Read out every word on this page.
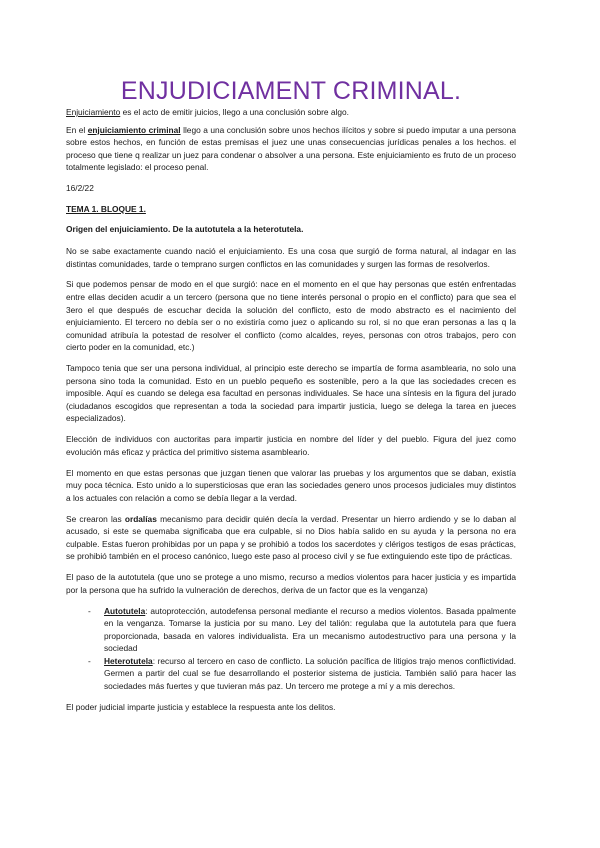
ENJUDICIAMENT CRIMINAL.

Enjuiciamiento es el acto de emitir juicios, llego a una conclusión sobre algo.

En el enjuiciamiento criminal llego a una conclusión sobre unos hechos ilícitos y sobre si puedo imputar a una persona sobre estos hechos, en función de estas premisas el juez une unas consecuencias jurídicas penales a los hechos. el proceso que tiene q realizar un juez para condenar o absolver a una persona. Este enjuiciamiento es fruto de un proceso totalmente legislado: el proceso penal.

16/2/22
TEMA 1. BLOQUE 1.
Origen del enjuiciamiento. De la autotutela a la heterotutela.

No se sabe exactamente cuando nació el enjuiciamiento. Es una cosa que surgió de forma natural, al indagar en las distintas comunidades, tarde o temprano surgen conflictos en las comunidades y surgen las formas de resolverlos.

Si que podemos pensar de modo en el que surgió: nace en el momento en el que hay personas que estén enfrentadas entre ellas deciden acudir a un tercero (persona que no tiene interés personal o propio en el conflicto) para que sea el 3ero el que después de escuchar decida la solución del conflicto, esto de modo abstracto es el nacimiento del enjuiciamiento. El tercero no debía ser o no existiría como juez o aplicando su rol, si no que eran personas a las q la comunidad atribuía la potestad de resolver el conflicto (como alcaldes, reyes, personas con otros trabajos, pero con cierto poder en la comunidad, etc.)

Tampoco tenia que ser una persona individual, al principio este derecho se impartía de forma asamblearia, no solo una persona sino toda la comunidad. Esto en un pueblo pequeño es sostenible, pero a la que las sociedades crecen es imposible. Aquí es cuando se delega esa facultad en personas individuales. Se hace una síntesis en la figura del jurado (ciudadanos escogidos que representan a toda la sociedad para impartir justicia, luego se delega la tarea en jueces especializados).

Elección de individuos con auctoritas para impartir justicia en nombre del líder y del pueblo. Figura del juez como evolución más eficaz y práctica del primitivo sistema asambleario.

El momento en que estas personas que juzgan tienen que valorar las pruebas y los argumentos que se daban, existía muy poca técnica. Esto unido a lo supersticiosas que eran las sociedades genero unos procesos judiciales muy distintos a los actuales con relación a como se debía llegar a la verdad.

Se crearon las ordalías mecanismo para decidir quién decía la verdad. Presentar un hierro ardiendo y se lo daban al acusado, si este se quemaba significaba que era culpable, si no Dios había salido en su ayuda y la persona no era culpable. Estas fueron prohibidas por un papa y se prohibió a todos los sacerdotes y clérigos testigos de esas prácticas, se prohibió también en el proceso canónico, luego este paso al proceso civil y se fue extinguiendo este tipo de prácticas.

El paso de la autotutela (que uno se protege a uno mismo, recurso a medios violentos para hacer justicia y es impartida por la persona que ha sufrido la vulneración de derechos, deriva de un factor que es la venganza)

- Autotutela: autoprotección, autodefensa personal mediante el recurso a medios violentos. Basada ppalmente en la venganza. Tomarse la justicia por su mano. Ley del talión: regulaba que la autotutela para que fuera proporcionada, basada en valores individualista. Era un mecanismo autodestructivo para una persona y la sociedad
- Heterotutela: recurso al tercero en caso de conflicto. La solución pacífica de litigios trajo menos conflictividad. Germen a partir del cual se fue desarrollando el posterior sistema de justicia. También salió para hacer las sociedades más fuertes y que tuvieran más paz. Un tercero me protege a mí y a mis derechos.

El poder judicial imparte justicia y establece la respuesta ante los delitos.
